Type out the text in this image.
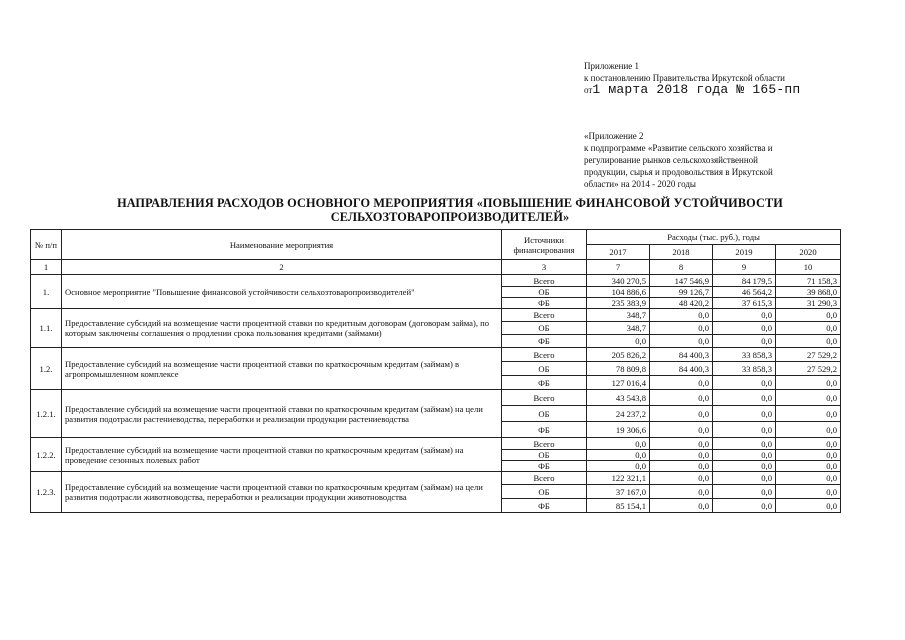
Приложение 1
к постановлению Правительства Иркутской области
от1 марта 2018 года № 165-пп
«Приложение 2
к подпрограмме «Развитие сельского хозяйства и
регулирование рынков сельскохозяйственной
продукции, сырья и продовольствия в Иркутской
области» на 2014 - 2020 годы
НАПРАВЛЕНИЯ РАСХОДОВ ОСНОВНОГО МЕРОПРИЯТИЯ «ПОВЫШЕНИЕ ФИНАНСОВОЙ УСТОЙЧИВОСТИ
СЕЛЬХОЗТОВАРОПРОИЗВОДИТЕЛЕЙ»
№ п/п	Наименование мероприятия	Источники финансирования	Расходы (тыс. руб.), годы			
			2017	2018	2019	2020
1	2	3	7	8	9	10
1.	Основное мероприятие "Повышение финансовой устойчивости сельхозтоваропроизводителей"	Всего	340 270,5	147 546,9	84 179,5	71 158,3
		ОБ	104 886,6	99 126,7	46 564,2	39 868,0
		ФБ	235 383,9	48 420,2	37 615,3	31 290,3
1.1.	Предоставление субсидий на возмещение части процентной ставки по кредитным договорам (договорам займа), по которым заключены соглашения о продлении срока пользования кредитами (займами)	Всего	348,7	0,0	0,0	0,0
		ОБ	348,7	0,0	0,0	0,0
		ФБ	0,0	0,0	0,0	0,0
1.2.	Предоставление субсидий на возмещение части процентной ставки по краткосрочным кредитам (займам) в агропромышленном комплексе	Всего	205 826,2	84 400,3	33 858,3	27 529,2
		ОБ	78 809,8	84 400,3	33 858,3	27 529,2
		ФБ	127 016,4	0,0	0,0	0,0
1.2.1.	Предоставление субсидий на возмещение части процентной ставки по краткосрочным кредитам (займам) на цели развития подотрасли растениеводства, переработки и реализации продукции растениеводства	Всего	43 543,8	0,0	0,0	0,0
		ОБ	24 237,2	0,0	0,0	0,0
		ФБ	19 306,6	0,0	0,0	0,0
1.2.2.	Предоставление субсидий на возмещение части процентной ставки по краткосрочным кредитам (займам) на проведение сезонных полевых работ	Всего	0,0	0,0	0,0	0,0
		ОБ	0,0	0,0	0,0	0,0
		ФБ	0,0	0,0	0,0	0,0
1.2.3.	Предоставление субсидий на возмещение части процентной ставки по краткосрочным кредитам (займам) на цели развития подотрасли животноводства, переработки и реализации продукции животноводства	Всего	122 321,1	0,0	0,0	0,0
		ОБ	37 167,0	0,0	0,0	0,0
		ФБ	85 154,1	0,0	0,0	0,0
